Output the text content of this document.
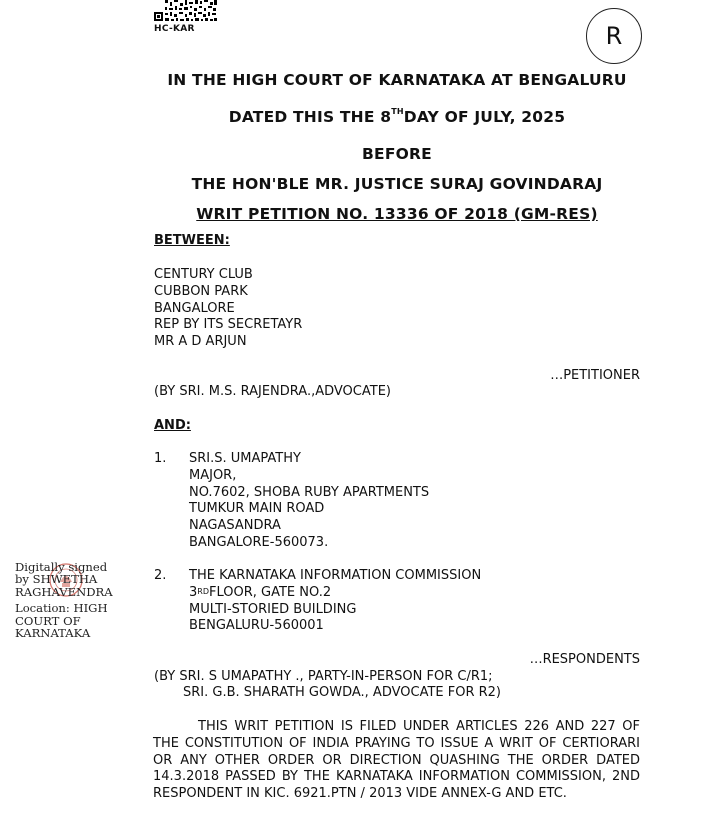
HC-KAR	R
IN THE HIGH COURT OF KARNATAKA AT BENGALURU
DATED THIS THE 8THDAY OF JULY, 2025
BEFORE
THE HON'BLE MR. JUSTICE SURAJ GOVINDARAJ
WRIT PETITION NO. 13336 OF 2018 (GM-RES)
BETWEEN:
CENTURY CLUB
CUBBON PARK
BANGALORE
REP BY ITS SECRETAYR
MR A D ARJUN
…PETITIONER
(BY SRI. M.S. RAJENDRA.,ADVOCATE)
AND:
1. SRI.S. UMAPATHY
MAJOR,
NO.7602, SHOBA RUBY APARTMENTS
TUMKUR MAIN ROAD
NAGASANDRA
BANGALORE-560073.
2. THE KARNATAKA INFORMATION COMMISSION
3RDFLOOR, GATE NO.2
MULTI-STORIED BUILDING
BENGALURU-560001
…RESPONDENTS
(BY SRI. S UMAPATHY ., PARTY-IN-PERSON FOR C/R1;
SRI. G.B. SHARATH GOWDA., ADVOCATE FOR R2)
THIS WRIT PETITION IS FILED UNDER ARTICLES 226 AND 227 OF THE CONSTITUTION OF INDIA PRAYING TO ISSUE A WRIT OF CERTIORARI OR ANY OTHER ORDER OR DIRECTION QUASHING THE ORDER DATED 14.3.2018 PASSED BY THE KARNATAKA INFORMATION COMMISSION, 2ND RESPONDENT IN KIC. 6921.PTN / 2013 VIDE ANNEX-G AND ETC.
Digitally signed
by SHWETHA
RAGHAVENDRA
Location: HIGH
COURT OF
KARNATAKA
